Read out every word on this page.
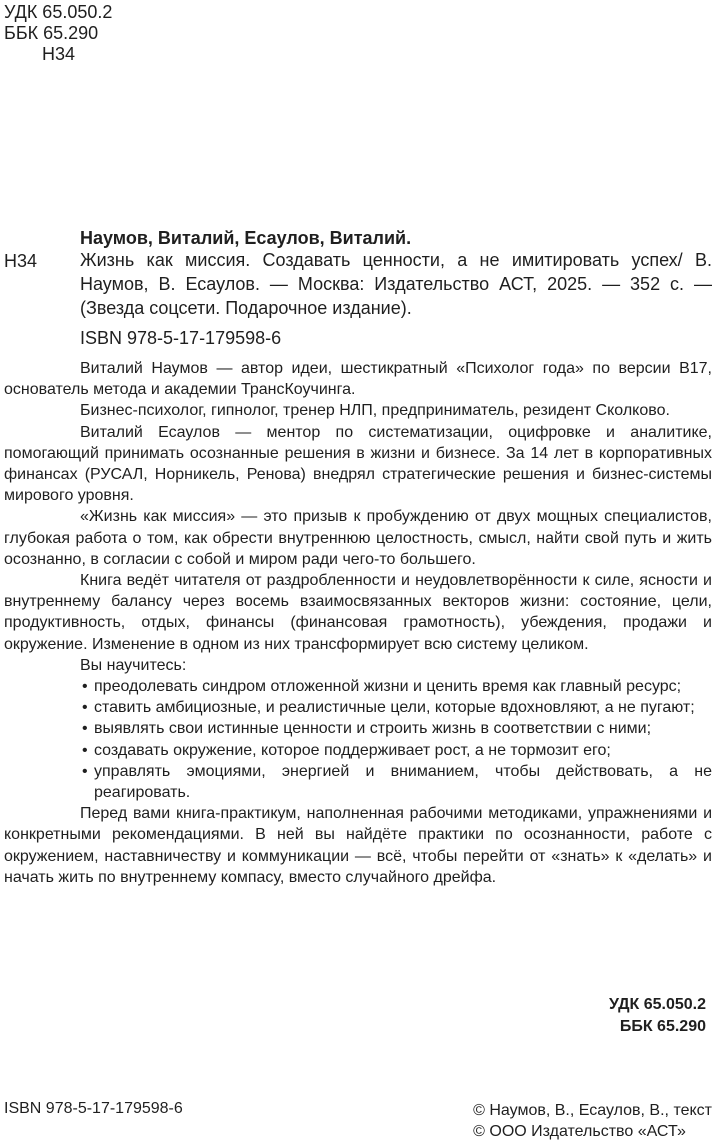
УДК 65.050.2
ББК 65.290
Н34
Наумов, Виталий, Есаулов, Виталий.
Н34 Жизнь как миссия. Создавать ценности, а не имитировать успех/ В. Наумов, В. Есаулов. — Москва: Издательство АСТ, 2025. — 352 с. — (Звезда соцсети. Подарочное издание).

ISBN 978-5-17-179598-6

Виталий Наумов — автор идеи, шестикратный «Психолог года» по версии B17, основатель метода и академии ТрансКоучинга.

Бизнес-психолог, гипнолог, тренер НЛП, предприниматель, резидент Сколково.

Виталий Есаулов — ментор по систематизации, оцифровке и аналитике, помогающий принимать осознанные решения в жизни и бизнесе. За 14 лет в корпоративных финансах (РУСАЛ, Норникель, Ренова) внедрял стратегические решения и бизнес-системы мирового уровня.

«Жизнь как миссия» — это призыв к пробуждению от двух мощных специалистов, глубокая работа о том, как обрести внутреннюю целостность, смысл, найти свой путь и жить осознанно, в согласии с собой и миром ради чего-то большего.

Книга ведёт читателя от раздробленности и неудовлетворённости к силе, ясности и внутреннему балансу через восемь взаимосвязанных векторов жизни: состояние, цели, продуктивность, отдых, финансы (финансовая грамотность), убеждения, продажи и окружение. Изменение в одном из них трансформирует всю систему целиком.

Вы научитесь:

• преодолевать синдром отложенной жизни и ценить время как главный ресурс;
• ставить амбициозные, и реалистичные цели, которые вдохновляют, а не пугают;
• выявлять свои истинные ценности и строить жизнь в соответствии с ними;
• создавать окружение, которое поддерживает рост, а не тормозит его;
• управлять эмоциями, энергией и вниманием, чтобы действовать, а не реагировать.

Перед вами книга-практикум, наполненная рабочими методиками, упражнениями и конкретными рекомендациями. В ней вы найдёте практики по осознанности, работе с окружением, наставничеству и коммуникации — всё, чтобы перейти от «знать» к «делать» и начать жить по внутреннему компасу, вместо случайного дрейфа.

УДК 65.050.2
ББК 65.290
ISBN 978-5-17-179598-6	© Наумов, В., Есаулов, В., текст
© ООО Издательство «АСТ»
